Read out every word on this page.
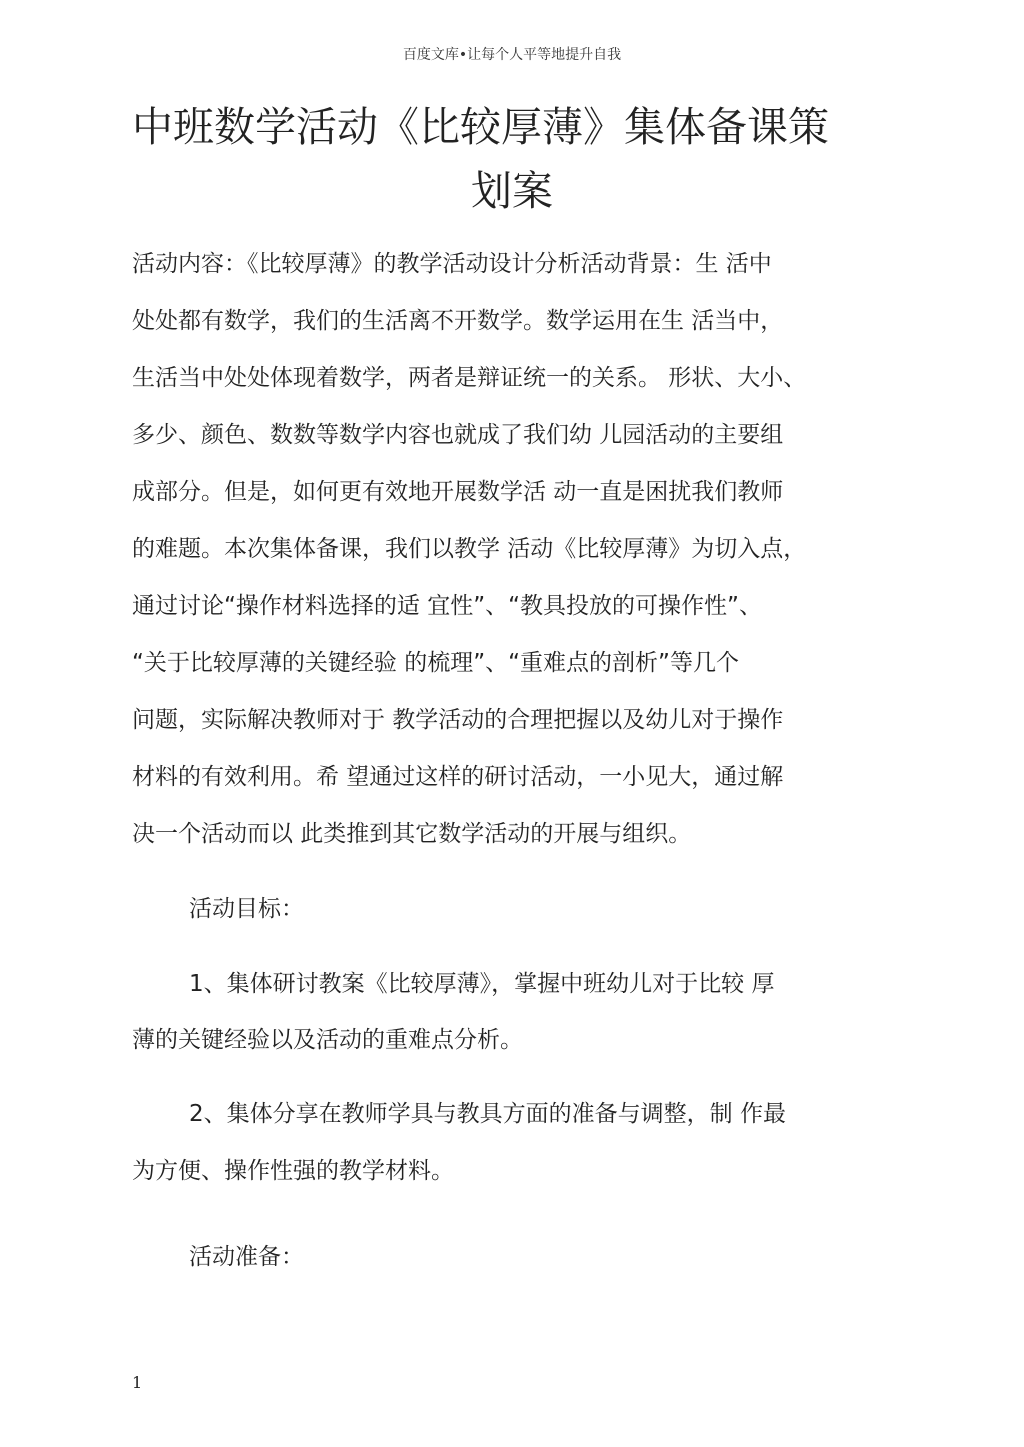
百度文库•让每个人平等地提升自我
中班数学活动《比较厚薄》集体备课策
划案
活动内容：《比较厚薄》的教学活动设计分析活动背景：生 活中
处处都有数学，我们的生活离不开数学。数学运用在生 活当中，
生活当中处处体现着数学，两者是辩证统一的关系。 形状、大小、
多少、颜色、数数等数学内容也就成了我们幼 儿园活动的主要组
成部分。但是，如何更有效地开展数学活 动一直是困扰我们教师
的难题。本次集体备课，我们以教学 活动《比较厚薄》为切入点，
通过讨论“操作材料选择的适 宜性”、“教具投放的可操作性”、
“关于比较厚薄的关键经验 的梳理”、“重难点的剖析”等几个
问题，实际解决教师对于 教学活动的合理把握以及幼儿对于操作
材料的有效利用。希 望通过这样的研讨活动，一小见大，通过解
决一个活动而以 此类推到其它数学活动的开展与组织。
活动目标：
1、集体研讨教案《比较厚薄》，掌握中班幼儿对于比较 厚
薄的关键经验以及活动的重难点分析。
2、集体分享在教师学具与教具方面的准备与调整，制 作最
为方便、操作性强的教学材料。
活动准备：
1
